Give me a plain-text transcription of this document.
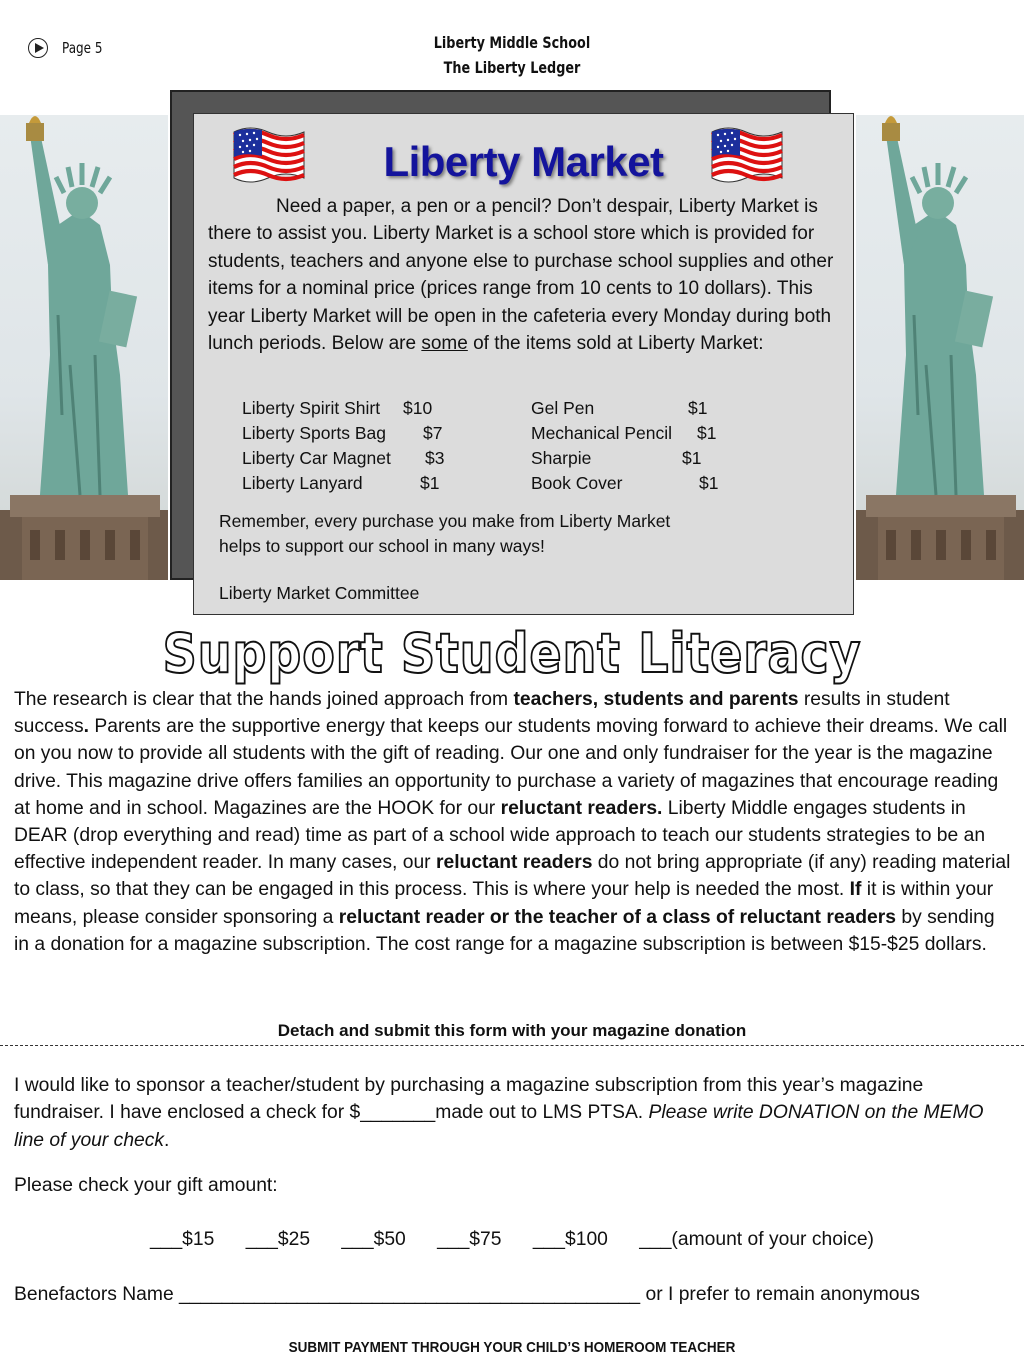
Page 5	Liberty Middle School
The Liberty Ledger
Liberty Market

Need a paper, a pen or a pencil? Don’t despair, Liberty Market is there to assist you. Liberty Market is a school store which is provided for students, teachers and anyone else to purchase school supplies and other items for a nominal price (prices range from 10 cents to 10 dollars). This year Liberty Market will be open in the cafeteria every Monday during both lunch periods. Below are some of the items sold at Liberty Market:

Liberty Spirit Shirt $10	Gel Pen	$1
Liberty Sports Bag $7	Mechanical Pencil $1
Liberty Car Magnet $3	Sharpie	$1
Liberty Lanyard	$1	Book Cover	$1
Remember, every purchase you make from Liberty Market
helps to support our school in many ways!
Liberty Market Committee
Support Student Literacy

The research is clear that the hands joined approach from teachers, students and parents results in student success. Parents are the supportive energy that keeps our students moving forward to achieve their dreams. We call on you now to provide all students with the gift of reading. Our one and only fundraiser for the year is the magazine drive. This magazine drive offers families an opportunity to purchase a variety of magazines that encourage reading at home and in school. Magazines are the HOOK for our reluctant readers. Liberty Middle engages students in DEAR (drop everything and read) time as part of a school wide approach to teach our students strategies to be an effective independent reader. In many cases, our reluctant readers do not bring appropriate (if any) reading material to class, so that they can be engaged in this process. This is where your help is needed the most. If it is within your means, please consider sponsoring a reluctant reader or the teacher of a class of reluctant readers by sending in a donation for a magazine subscription. The cost range for a magazine subscription is between $15-$25 dollars.

Detach and submit this form with your magazine donation

I would like to sponsor a teacher/student by purchasing a magazine subscription from this year’s magazine fundraiser. I have enclosed a check for $_______made out to LMS PTSA. Please write DONATION on the MEMO line of your check.

Please check your gift amount:
___$15 ___$25 ___$50 ___$75 ___$100 ___(amount of your choice)
Benefactors Name ___________________________________________ or I prefer to remain anonymous
SUBMIT PAYMENT THROUGH YOUR CHILD’S HOMEROOM TEACHER
